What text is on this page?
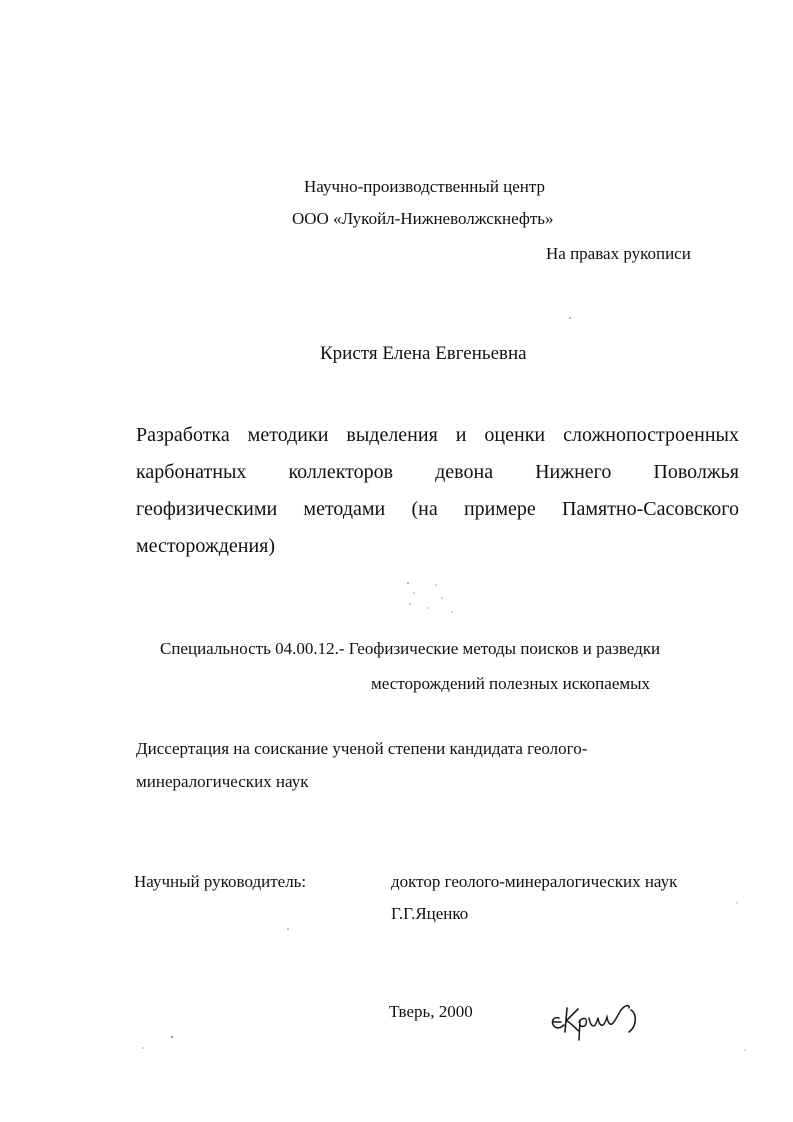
Научно-производственный центр
ООО «Лукойл-Нижневолжскнефть»
На правах рукописи
Кристя Елена Евгеньевна
Разработка методики выделения и оценки сложнопостроенных
карбонатных коллекторов девона Нижнего Поволжья
геофизическими методами (на примере Памятно-Сасовского
месторождения)
Специальность 04.00.12.- Геофизические методы поисков и разведки
месторождений полезных ископаемых
Диссертация на соискание ученой степени кандидата геолого-
минералогических наук
Научный руководитель:	доктор геолого-минералогических наук
Г.Г.Яценко
Тверь, 2000
